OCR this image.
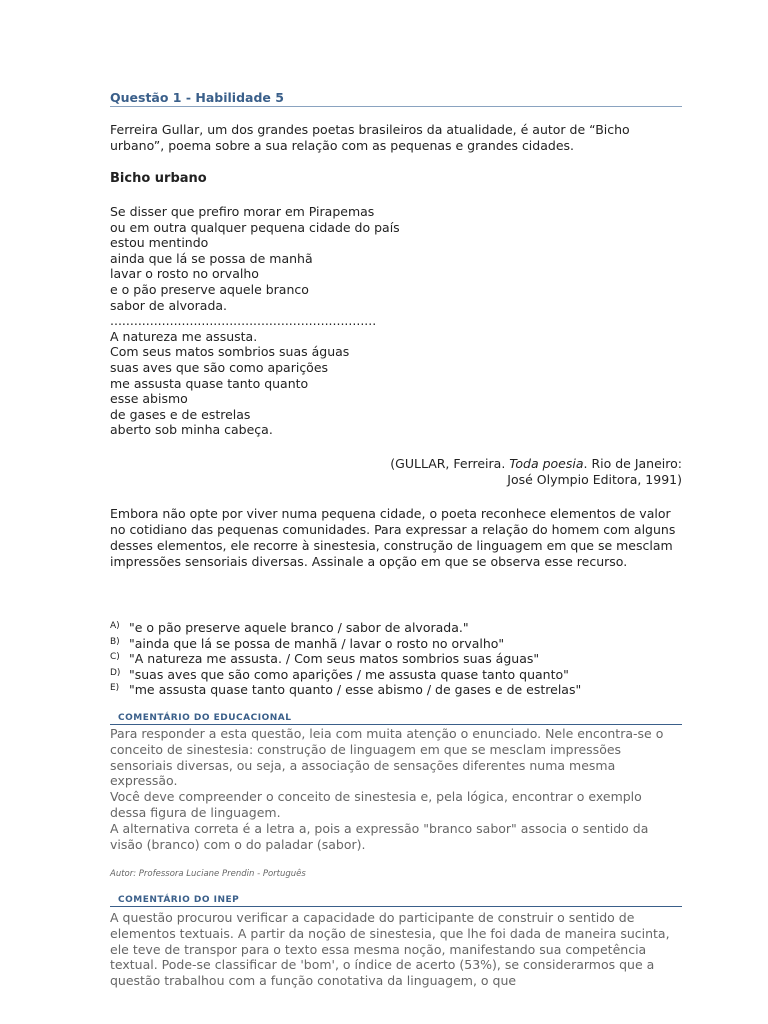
Questão 1 - Habilidade 5
Ferreira Gullar, um dos grandes poetas brasileiros da atualidade, é autor de “Bicho urbano”, poema sobre a sua relação com as pequenas e grandes cidades.
Bicho urbano
Se disser que prefiro morar em Pirapemas
ou em outra qualquer pequena cidade do país
estou mentindo
ainda que lá se possa de manhã
lavar o rosto no orvalho
e o pão preserve aquele branco
sabor de alvorada.
...................................................................
A natureza me assusta.
Com seus matos sombrios suas águas
suas aves que são como aparições
me assusta quase tanto quanto
esse abismo
de gases e de estrelas
aberto sob minha cabeça.
(GULLAR, Ferreira. Toda poesia. Rio de Janeiro:
José Olympio Editora, 1991)
Embora não opte por viver numa pequena cidade, o poeta reconhece elementos de valor no cotidiano das pequenas comunidades. Para expressar a relação do homem com alguns desses elementos, ele recorre à sinestesia, construção de linguagem em que se mesclam impressões sensoriais diversas. Assinale a opção em que se observa esse recurso.
A) "e o pão preserve aquele branco / sabor de alvorada."
B) "ainda que lá se possa de manhã / lavar o rosto no orvalho"
C) "A natureza me assusta. / Com seus matos sombrios suas águas"
D) "suas aves que são como aparições / me assusta quase tanto quanto"
E) "me assusta quase tanto quanto / esse abismo / de gases e de estrelas"
COMENTÁRIO DO EDUCACIONAL
Para responder a esta questão, leia com muita atenção o enunciado. Nele encontra-se o conceito de sinestesia: construção de linguagem em que se mesclam impressões sensoriais diversas, ou seja, a associação de sensações diferentes numa mesma expressão.
Você deve compreender o conceito de sinestesia e, pela lógica, encontrar o exemplo dessa figura de linguagem.
A alternativa correta é a letra a, pois a expressão "branco sabor" associa o sentido da visão (branco) com o do paladar (sabor).
Autor: Professora Luciane Prendin - Português
COMENTÁRIO DO INEP
A questão procurou verificar a capacidade do participante de construir o sentido de elementos textuais. A partir da noção de sinestesia, que lhe foi dada de maneira sucinta, ele teve de transpor para o texto essa mesma noção, manifestando sua competência textual. Pode-se classificar de 'bom', o índice de acerto (53%), se considerarmos que a questão trabalhou com a função conotativa da linguagem, o que
